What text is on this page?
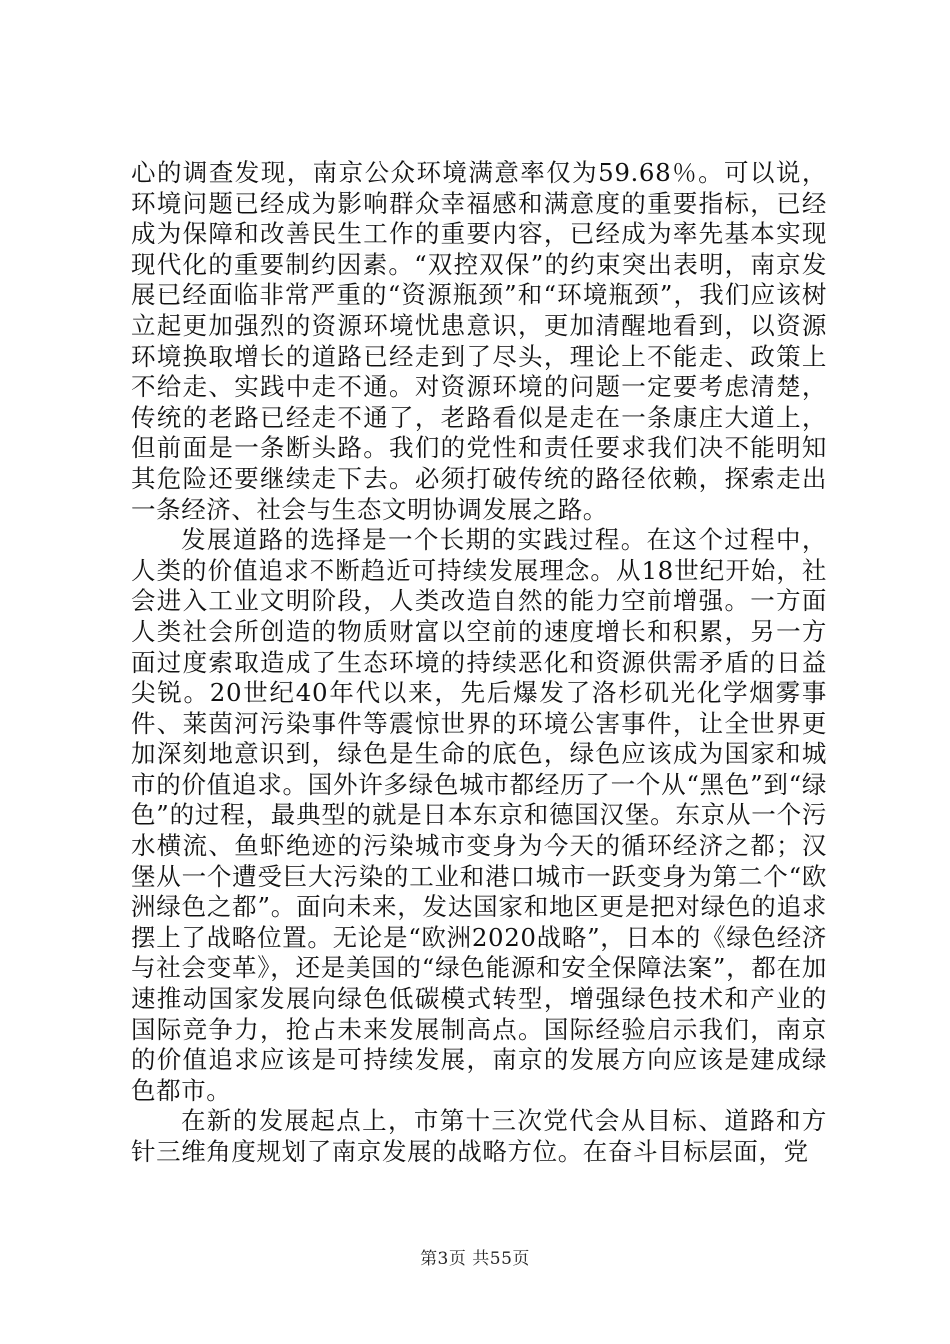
心的调查发现，南京公众环境满意率仅为59.68％。可以说，环境问题已经成为影响群众幸福感和满意度的重要指标，已经成为保障和改善民生工作的重要内容，已经成为率先基本实现现代化的重要制约因素。“双控双保”的约束突出表明，南京发展已经面临非常严重的“资源瓶颈”和“环境瓶颈”，我们应该树立起更加强烈的资源环境忧患意识，更加清醒地看到，以资源环境换取增长的道路已经走到了尽头，理论上不能走、政策上不给走、实践中走不通。对资源环境的问题一定要考虑清楚，传统的老路已经走不通了，老路看似是走在一条康庄大道上，但前面是一条断头路。我们的党性和责任要求我们决不能明知其危险还要继续走下去。必须打破传统的路径依赖，探索走出一条经济、社会与生态文明协调发展之路。

发展道路的选择是一个长期的实践过程。在这个过程中，人类的价值追求不断趋近可持续发展理念。从18世纪开始，社会进入工业文明阶段，人类改造自然的能力空前增强。一方面人类社会所创造的物质财富以空前的速度增长和积累，另一方面过度索取造成了生态环境的持续恶化和资源供需矛盾的日益尖锐。20世纪40年代以来，先后爆发了洛杉矶光化学烟雾事件、莱茵河污染事件等震惊世界的环境公害事件，让全世界更加深刻地意识到，绿色是生命的底色，绿色应该成为国家和城市的价值追求。国外许多绿色城市都经历了一个从“黑色”到“绿色”的过程，最典型的就是日本东京和德国汉堡。东京从一个污水横流、鱼虾绝迹的污染城市变身为今天的循环经济之都；汉堡从一个遭受巨大污染的工业和港口城市一跃变身为第二个“欧洲绿色之都”。面向未来，发达国家和地区更是把对绿色的追求摆上了战略位置。无论是“欧洲2020战略”，日本的《绿色经济与社会变革》，还是美国的“绿色能源和安全保障法案”，都在加速推动国家发展向绿色低碳模式转型，增强绿色技术和产业的国际竞争力，抢占未来发展制高点。国际经验启示我们，南京的价值追求应该是可持续发展，南京的发展方向应该是建成绿色都市。

在新的发展起点上，市第十三次党代会从目标、道路和方针三维角度规划了南京发展的战略方位。在奋斗目标层面，党

第3页 共55页
